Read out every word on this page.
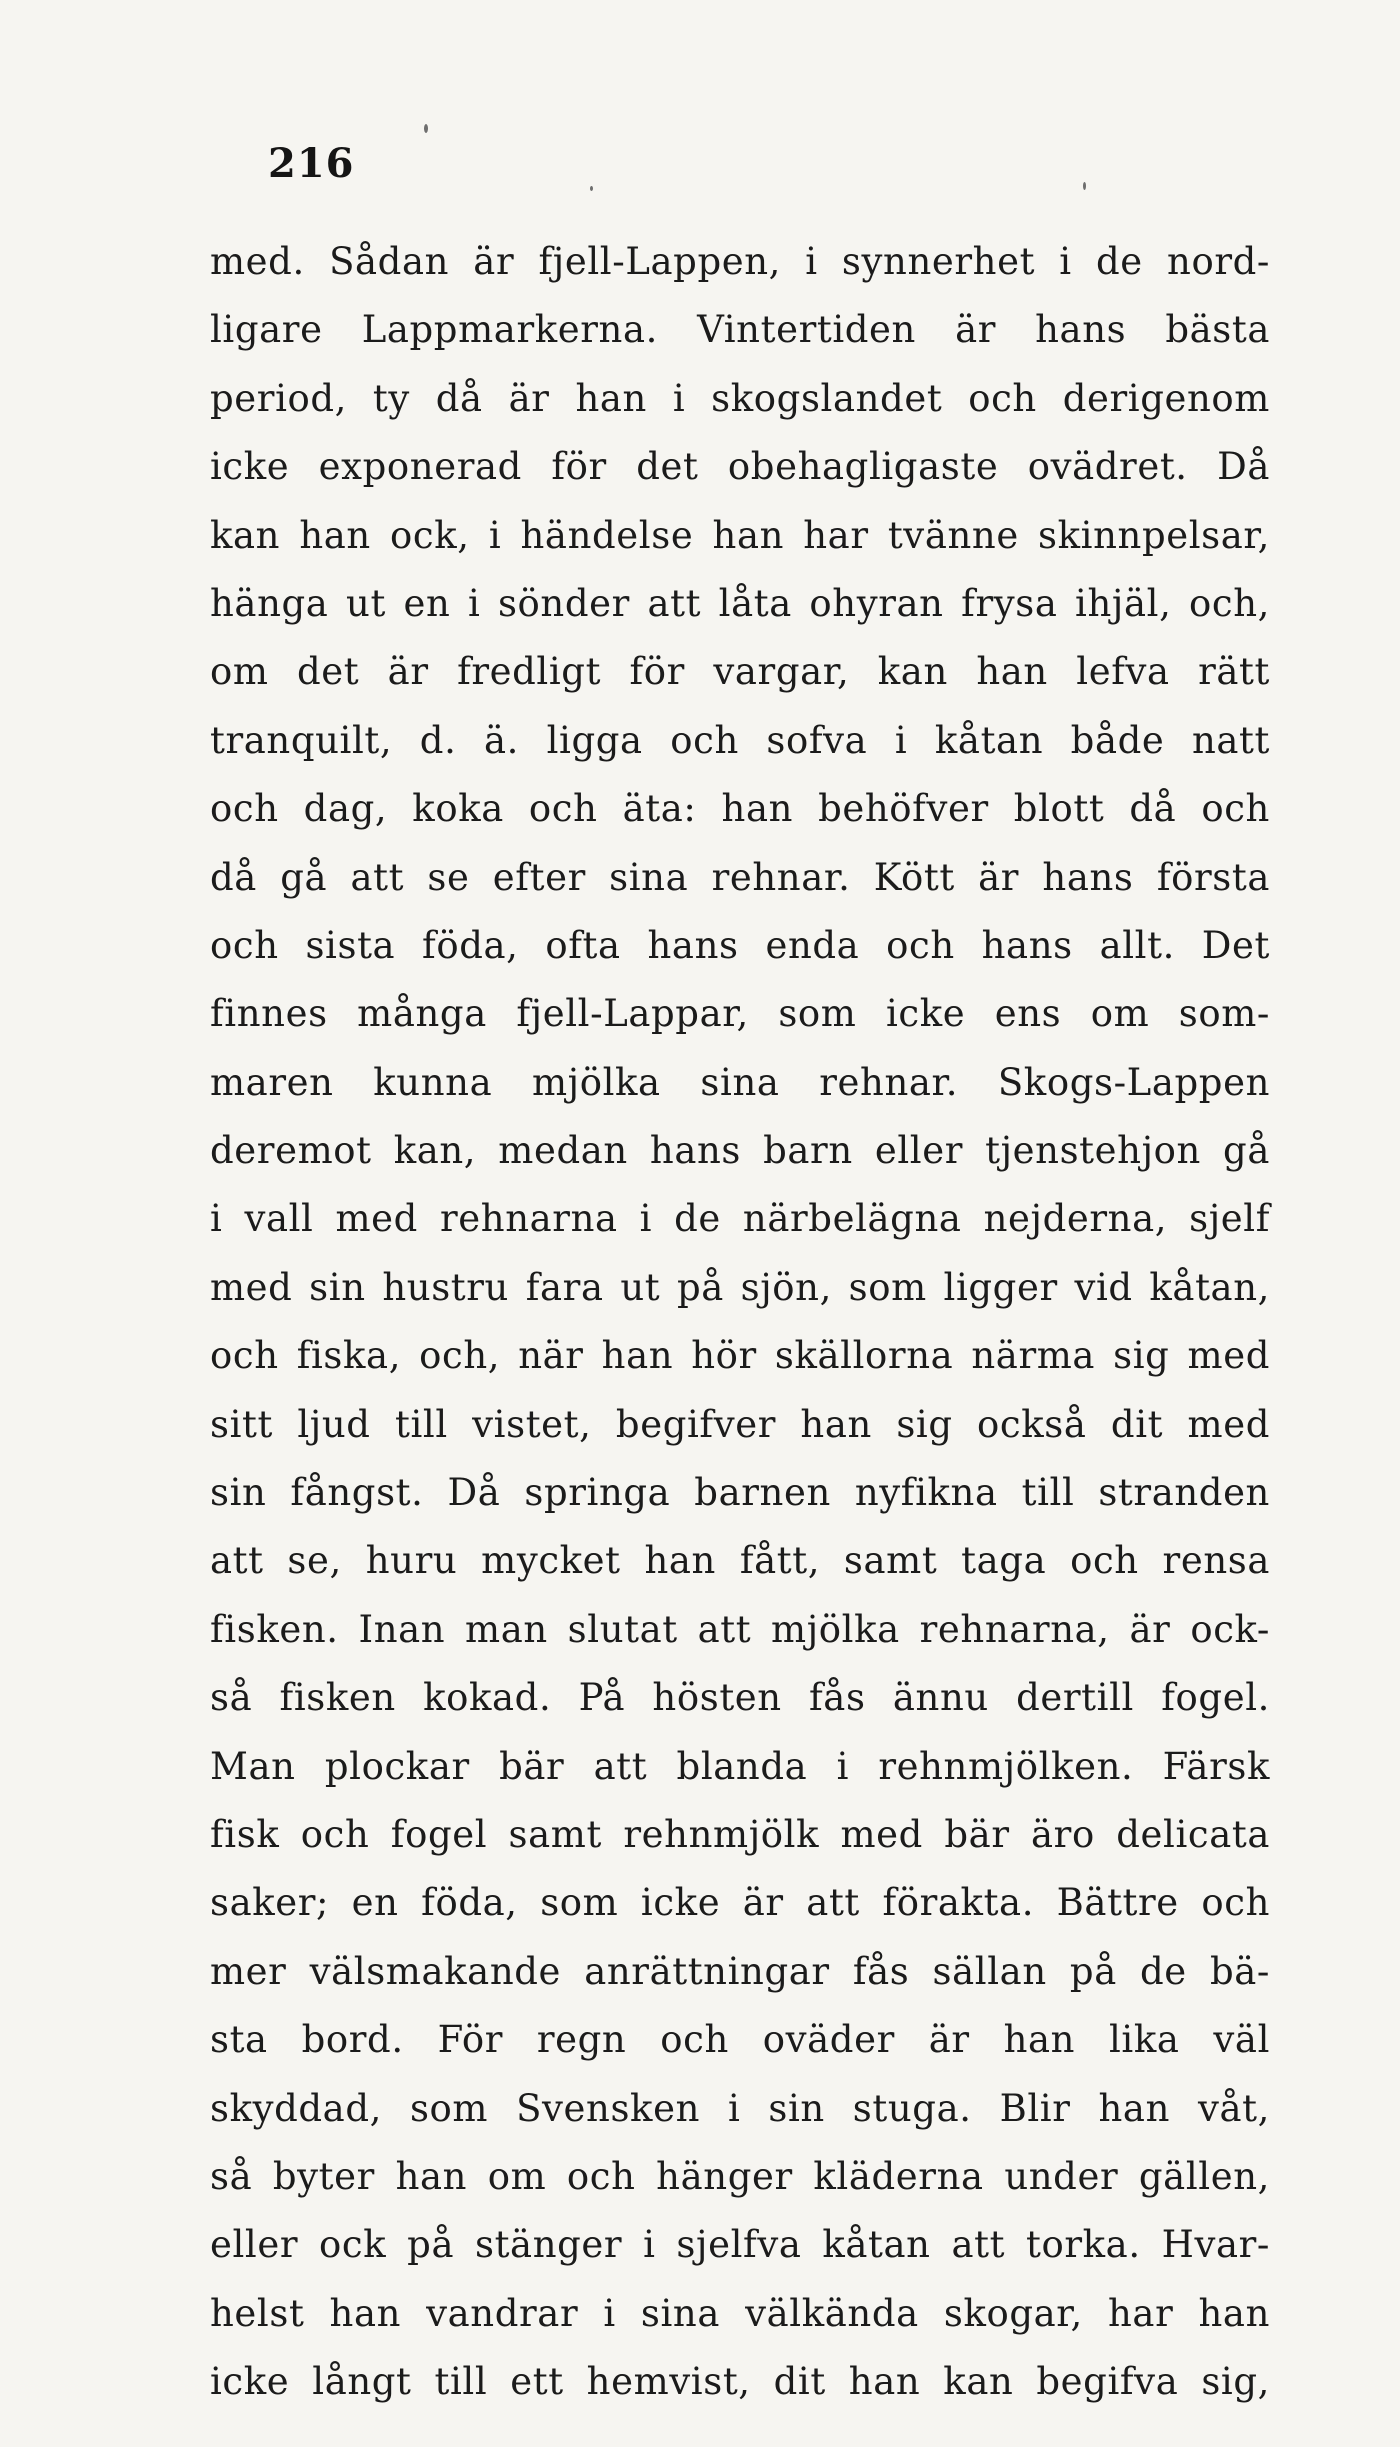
216
med. Sådan är fjell-Lappen, i synnerhet i de nord-
ligare Lappmarkerna. Vintertiden är hans bästa
period, ty då är han i skogslandet och derigenom
icke exponerad för det obehagligaste ovädret. Då
kan han ock, i händelse han har tvänne skinnpelsar,
hänga ut en i sönder att låta ohyran frysa ihjäl, och,
om det är fredligt för vargar, kan han lefva rätt
tranquilt, d. ä. ligga och sofva i kåtan både natt
och dag, koka och äta: han behöfver blott då och
då gå att se efter sina rehnar. Kött är hans första
och sista föda, ofta hans enda och hans allt. Det
finnes många fjell-Lappar, som icke ens om som-
maren kunna mjölka sina rehnar. Skogs-Lappen
deremot kan, medan hans barn eller tjenstehjon gå
i vall med rehnarna i de närbelägna nejderna, sjelf
med sin hustru fara ut på sjön, som ligger vid kåtan,
och fiska, och, när han hör skällorna närma sig med
sitt ljud till vistet, begifver han sig också dit med
sin fångst. Då springa barnen nyfikna till stranden
att se, huru mycket han fått, samt taga och rensa
fisken. Inan man slutat att mjölka rehnarna, är ock-
så fisken kokad. På hösten fås ännu dertill fogel.
Man plockar bär att blanda i rehnmjölken. Färsk
fisk och fogel samt rehnmjölk med bär äro delicata
saker; en föda, som icke är att förakta. Bättre och
mer välsmakande anrättningar fås sällan på de bä-
sta bord. För regn och oväder är han lika väl
skyddad, som Svensken i sin stuga. Blir han våt,
så byter han om och hänger kläderna under gällen,
eller ock på stänger i sjelfva kåtan att torka. Hvar-
helst han vandrar i sina välkända skogar, har han
icke långt till ett hemvist, dit han kan begifva sig,
